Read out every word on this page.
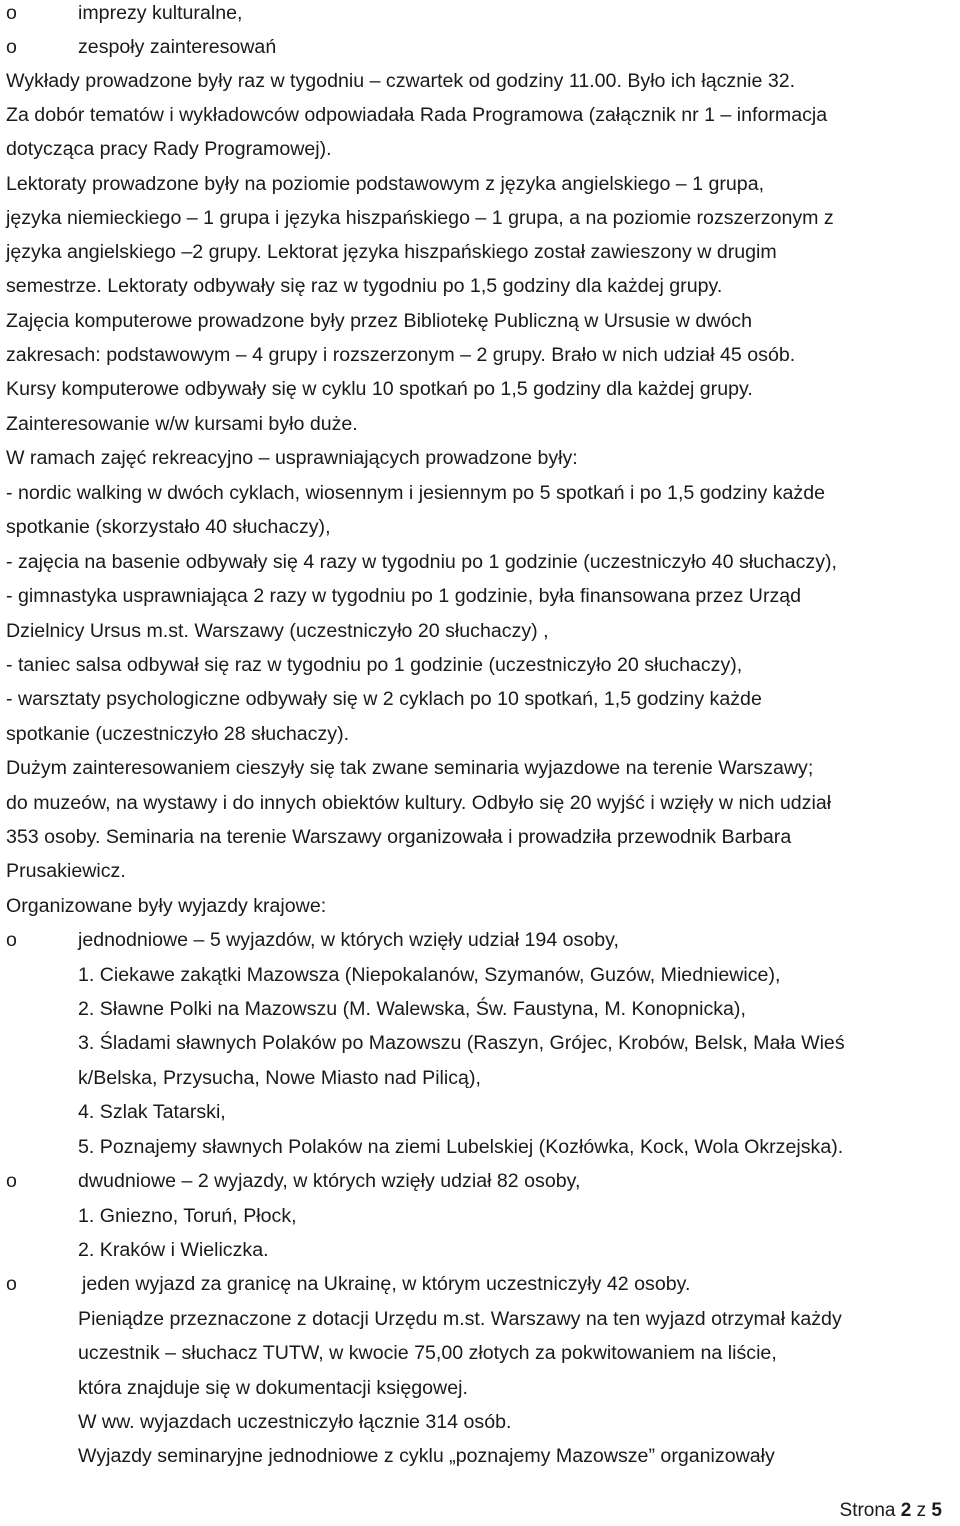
o	imprezy kulturalne,
o	zespoły zainteresowań
Wykłady prowadzone były raz w tygodniu – czwartek od godziny 11.00. Było ich łącznie 32.
Za dobór tematów i wykładowców odpowiadała Rada Programowa (załącznik nr 1 – informacja
dotycząca pracy Rady Programowej).
Lektoraty prowadzone były na poziomie podstawowym z języka angielskiego – 1 grupa,
języka niemieckiego – 1 grupa i języka hiszpańskiego – 1 grupa, a na poziomie rozszerzonym z
języka angielskiego –2 grupy. Lektorat języka hiszpańskiego został zawieszony w drugim
semestrze. Lektoraty odbywały się raz w tygodniu po 1,5 godziny dla każdej grupy.
Zajęcia komputerowe prowadzone były przez Bibliotekę Publiczną w Ursusie w dwóch
zakresach: podstawowym – 4 grupy i rozszerzonym – 2 grupy. Brało w nich udział 45 osób.
Kursy komputerowe odbywały się w cyklu 10 spotkań po 1,5 godziny dla każdej grupy.
Zainteresowanie w/w kursami było duże.
W ramach zajęć rekreacyjno – usprawniających prowadzone były:
- nordic walking w dwóch cyklach, wiosennym i jesiennym po 5 spotkań i po 1,5 godziny każde
spotkanie (skorzystało 40 słuchaczy),
- zajęcia na basenie odbywały się 4 razy w tygodniu po 1 godzinie (uczestniczyło 40 słuchaczy),
- gimnastyka usprawniająca 2 razy w tygodniu po 1 godzinie, była finansowana przez Urząd
Dzielnicy Ursus m.st. Warszawy (uczestniczyło 20 słuchaczy) ,
- taniec salsa odbywał się raz w tygodniu po 1 godzinie (uczestniczyło 20 słuchaczy),
- warsztaty psychologiczne odbywały się w 2 cyklach po 10 spotkań, 1,5 godziny każde
spotkanie (uczestniczyło 28 słuchaczy).
Dużym zainteresowaniem cieszyły się tak zwane seminaria wyjazdowe na terenie Warszawy;
do muzeów, na wystawy i do innych obiektów kultury. Odbyło się 20 wyjść i wzięły w nich udział
353 osoby. Seminaria na terenie Warszawy organizowała i prowadziła przewodnik Barbara
Prusakiewicz.
Organizowane były wyjazdy krajowe:
o	jednodniowe – 5 wyjazdów, w których wzięły udział 194 osoby,
1. Ciekawe zakątki Mazowsza (Niepokalanów, Szymanów, Guzów, Miedniewice),
2. Sławne Polki na Mazowszu (M. Walewska, Św. Faustyna, M. Konopnicka),
3. Śladami sławnych Polaków po Mazowszu (Raszyn, Grójec, Krobów, Belsk, Mała Wieś
k/Belska, Przysucha, Nowe Miasto nad Pilicą),
4. Szlak Tatarski,
5. Poznajemy sławnych Polaków na ziemi Lubelskiej (Kozłówka, Kock, Wola Okrzejska).
o	dwudniowe – 2 wyjazdy, w których wzięły udział 82 osoby,
1. Gniezno, Toruń, Płock,
2. Kraków i Wieliczka.
o	jeden wyjazd za granicę na Ukrainę, w którym uczestniczyły 42 osoby.
Pieniądze przeznaczone z dotacji Urzędu m.st. Warszawy na ten wyjazd otrzymał każdy
uczestnik – słuchacz TUTW, w kwocie 75,00 złotych za pokwitowaniem na liście,
która znajduje się w dokumentacji księgowej.
W ww. wyjazdach uczestniczyło łącznie 314 osób.
Wyjazdy seminaryjne jednodniowe z cyklu „poznajemy Mazowsze” organizowały
Strona 2 z 5
